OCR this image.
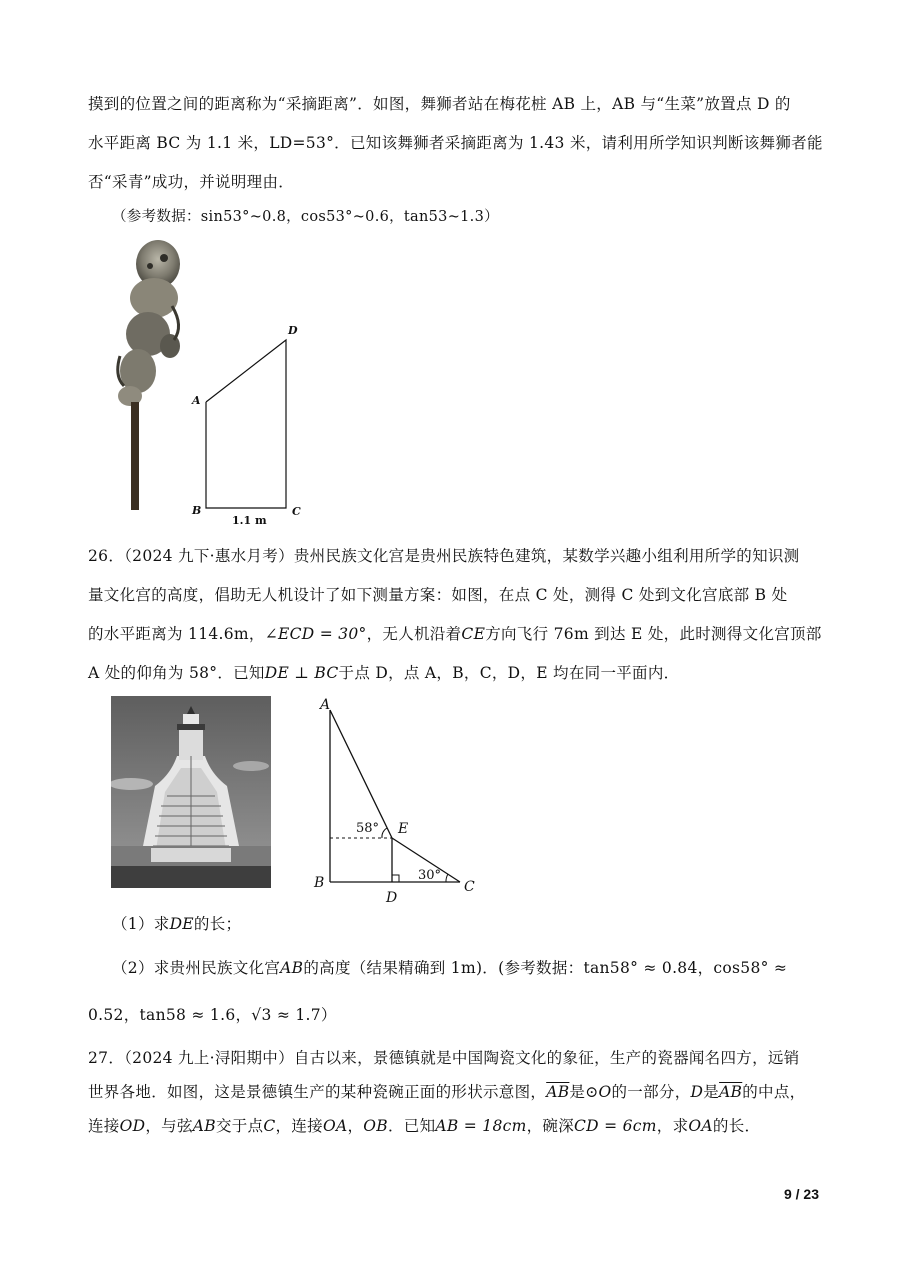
摸到的位置之间的距离称为“采摘距离”．如图，舞狮者站在梅花桩 AB 上，AB 与“生菜”放置点 D 的
水平距离 BC 为 1.1 米，LD=53°．已知该舞狮者采摘距离为 1.43 米，请利用所学知识判断该舞狮者能
否“采青”成功，并说明理由．
（参考数据：sin53°~0.8，cos53°~0.6，tan53~1.3）
A
D
B	C
1.1 m
26．（2024 九下·惠水月考）贵州民族文化宫是贵州民族特色建筑，某数学兴趣小组利用所学的知识测
量文化宫的高度，倡助无人机设计了如下测量方案：如图，在点 C 处，测得 C 处到文化宫底部 B 处
的水平距离为 114.6m，∠ECD = 30°，无人机沿着CE方向飞行 76m 到达 E 处，此时测得文化宫顶部
A 处的仰角为 58°．已知DE ⊥ BC于点 D，点 A，B，C，D，E 均在同一平面内．
A
B	C
D
E
58°
30°
（1）求DE的长；
（2）求贵州民族文化宫AB的高度（结果精确到 1m)．(参考数据：tan58° ≈ 0.84，cos58° ≈
0.52，tan58 ≈ 1.6，√3 ≈ 1.7）
27．（2024 九上·浔阳期中）自古以来，景德镇就是中国陶瓷文化的象征，生产的瓷器闻名四方，远销
世界各地．如图，这是景德镇生产的某种瓷碗正面的形状示意图，$\overline{AB}$是⊙O的一部分，D是$\overline{AB}$的中点，
连接OD，与弦AB交于点C，连接OA，OB．已知AB = 18cm，碗深CD = 6cm，求OA的长．
9 / 23
